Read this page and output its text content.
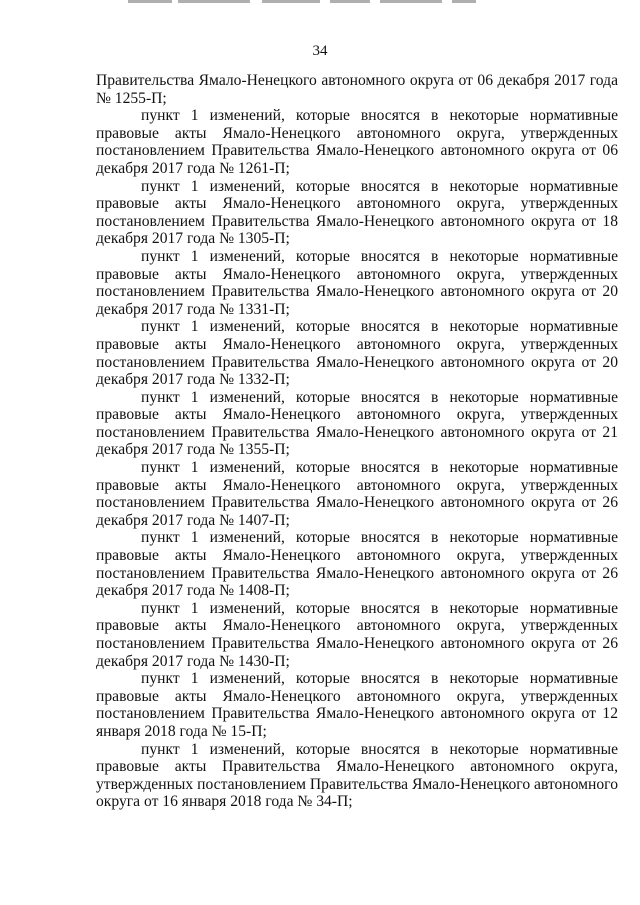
34

Правительства Ямало-Ненецкого автономного округа от 06 декабря 2017 года № 1255-П;

пункт 1 изменений, которые вносятся в некоторые нормативные правовые акты Ямало-Ненецкого автономного округа, утвержденных постановлением Правительства Ямало-Ненецкого автономного округа от 06 декабря 2017 года № 1261-П;

пункт 1 изменений, которые вносятся в некоторые нормативные правовые акты Ямало-Ненецкого автономного округа, утвержденных постановлением Правительства Ямало-Ненецкого автономного округа от 18 декабря 2017 года № 1305-П;

пункт 1 изменений, которые вносятся в некоторые нормативные правовые акты Ямало-Ненецкого автономного округа, утвержденных постановлением Правительства Ямало-Ненецкого автономного округа от 20 декабря 2017 года № 1331-П;

пункт 1 изменений, которые вносятся в некоторые нормативные правовые акты Ямало-Ненецкого автономного округа, утвержденных постановлением Правительства Ямало-Ненецкого автономного округа от 20 декабря 2017 года № 1332-П;

пункт 1 изменений, которые вносятся в некоторые нормативные правовые акты Ямало-Ненецкого автономного округа, утвержденных постановлением Правительства Ямало-Ненецкого автономного округа от 21 декабря 2017 года № 1355-П;

пункт 1 изменений, которые вносятся в некоторые нормативные правовые акты Ямало-Ненецкого автономного округа, утвержденных постановлением Правительства Ямало-Ненецкого автономного округа от 26 декабря 2017 года № 1407-П;

пункт 1 изменений, которые вносятся в некоторые нормативные правовые акты Ямало-Ненецкого автономного округа, утвержденных постановлением Правительства Ямало-Ненецкого автономного округа от 26 декабря 2017 года № 1408-П;

пункт 1 изменений, которые вносятся в некоторые нормативные правовые акты Ямало-Ненецкого автономного округа, утвержденных постановлением Правительства Ямало-Ненецкого автономного округа от 26 декабря 2017 года № 1430-П;

пункт 1 изменений, которые вносятся в некоторые нормативные правовые акты Ямало-Ненецкого автономного округа, утвержденных постановлением Правительства Ямало-Ненецкого автономного округа от 12 января 2018 года № 15-П;

пункт 1 изменений, которые вносятся в некоторые нормативные правовые акты Правительства Ямало-Ненецкого автономного округа, утвержденных постановлением Правительства Ямало-Ненецкого автономного округа от 16 января 2018 года № 34-П;
